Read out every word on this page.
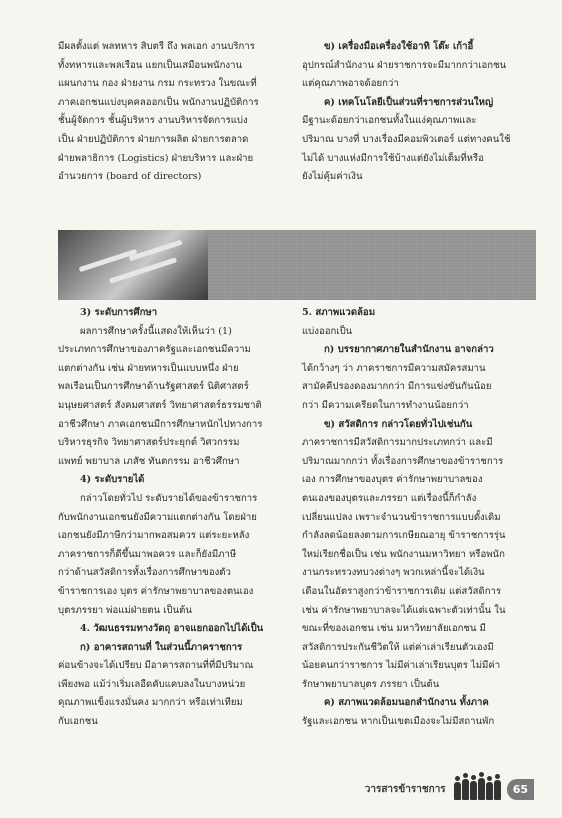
มีผลตั้งแต่ พลทหาร สิบตรี ถึง พลเอก งานบริการ

ทั้งทหารและพลเรือน แยกเป็นเสมือนพนักงาน

แผนกงาน กอง ฝ่ายงาน กรม กระทรวง ในขณะที่

ภาคเอกชนแบ่งบุคคลออกเป็น พนักงานปฏิบัติการ

ชั้นผู้จัดการ ชั้นผู้บริหาร งานบริหารจัดการแบ่ง

เป็น ฝ่ายปฏิบัติการ ฝ่ายการผลิต ฝ่ายการตลาด

ฝ่ายพลาธิการ (Logistics) ฝ่ายบริหาร และฝ่าย

อำนวยการ (board of directors)

ข) เครื่องมือเครื่องใช้อาทิ โต๊ะ เก้าอี้

อุปกรณ์สำนักงาน ฝ่ายราชการจะมีมากกว่าเอกชน

แต่คุณภาพอาจด้อยกว่า

ค) เทคโนโลยีเป็นส่วนที่ราชการส่วนใหญ่

มีฐานะด้อยกว่าเอกชนทั้งในแง่คุณภาพและ

ปริมาณ บางที่ บางเรื่องมีคอมพิวเตอร์ แต่ทางคนใช้

ไม่ได้ บางแห่งมีการใช้บ้างแต่ยังไม่เต็มที่หรือ

ยังไม่คุ้มค่าเงิน

3) ระดับการศึกษา

ผลการศึกษาครั้งนี้แสดงให้เห็นว่า (1)

ประเภทการศึกษาของภาครัฐและเอกชนมีความ

แตกต่างกัน เช่น ฝ่ายทหารเป็นแบบหนึ่ง ฝ่าย

พลเรือนเป็นการศึกษาด้านรัฐศาสตร์ นิติศาสตร์

มนุษยศาสตร์ สังคมศาสตร์ วิทยาศาสตร์ธรรมชาติ

อาชีวศึกษา ภาคเอกชนมีการศึกษาหนักไปทางการ

บริหารธุรกิจ วิทยาศาสตร์ประยุกต์ วิศวกรรม

แพทย์ พยาบาล เภสัช ทันตกรรม อาชีวศึกษา

4) ระดับรายได้

กล่าวโดยทั่วไป ระดับรายได้ของข้าราชการ

กับพนักงานเอกชนยังมีความแตกต่างกัน โดยฝ่าย

เอกชนยังมีภาษีกว่ามากพอสมควร แต่ระยะหลัง

ภาคราชการก็ดีขึ้นมาพอควร และก็ยังมีภาษี

กว่าด้านสวัสดิการทั้งเรื่องการศึกษาของตัว

ข้าราชการเอง บุตร ค่ารักษาพยาบาลของตนเอง

บุตรภรรยา พ่อแม่ฝ่ายตน เป็นต้น

4. วัฒนธรรมทางวัตถุ อาจแยกออกไปได้เป็น

ก) อาคารสถานที่ ในส่วนนี้ภาคราชการ

ค่อนข้างจะได้เปรียบ มีอาคารสถานที่ที่มีปริมาณ

เพียงพอ แม้ว่าเริ่มเลอืดคับแคบลงในบางหน่วย

คุณภาพแข็งแรงมั่นคง มากกว่า หรือเท่าเทียม

กับเอกชน

5. สภาพแวดล้อม

แบ่งออกเป็น

ก) บรรยากาศภายในสำนักงาน อาจกล่าว

ได้กว้างๆ ว่า ภาคราชการมีความสมัครสมาน

สามัคคีปรองดองมากกว่า มีการแข่งขันกันน้อย

กว่า มีความเครียดในการทำงานน้อยกว่า

ข) สวัสดิการ กล่าวโดยทั่วไปเช่นกัน

ภาคราชการมีสวัสดิการมากประเภทกว่า และมี

ปริมาณมากกว่า ทั้งเรื่องการศึกษาของข้าราชการ

เอง การศึกษาของบุตร ค่ารักษาพยาบาลของ

ตนเองของบุตรและภรรยา แต่เรื่องนี้ก็กำลัง

เปลี่ยนแปลง เพราะจำนวนข้าราชการแบบดั้งเดิม

กำลังลดน้อยลงตามการเกษียณอายุ ข้าราชการรุ่น

ใหม่เรียกชื่อเป็น เช่น พนักงานมหาวิทยา หรือพนัก

งานกระทรวงทบวงต่างๆ พวกเหล่านี้จะได้เงิน

เดือนในอัตราสูงกว่าข้าราชการเดิม แต่สวัสดิการ

เช่น ค่ารักษาพยาบาลจะได้แต่เฉพาะตัวเท่านั้น ใน

ขณะที่ของเอกชน เช่น มหาวิทยาลัยเอกชน มี

สวัสดิการประกันชีวิตให้ แต่ค่าเล่าเรียนตัวเองมี

น้อยคนกว่าราชการ ไม่มีค่าเล่าเรียนบุตร ไม่มีค่า

รักษาพยาบาลบุตร ภรรยา เป็นต้น

ค) สภาพแวดล้อมนอกสำนักงาน ทั้งภาค

รัฐและเอกชน หากเป็นเขตเมืองจะไม่มีสถานพัก

วารสารข้าราชการ	65
